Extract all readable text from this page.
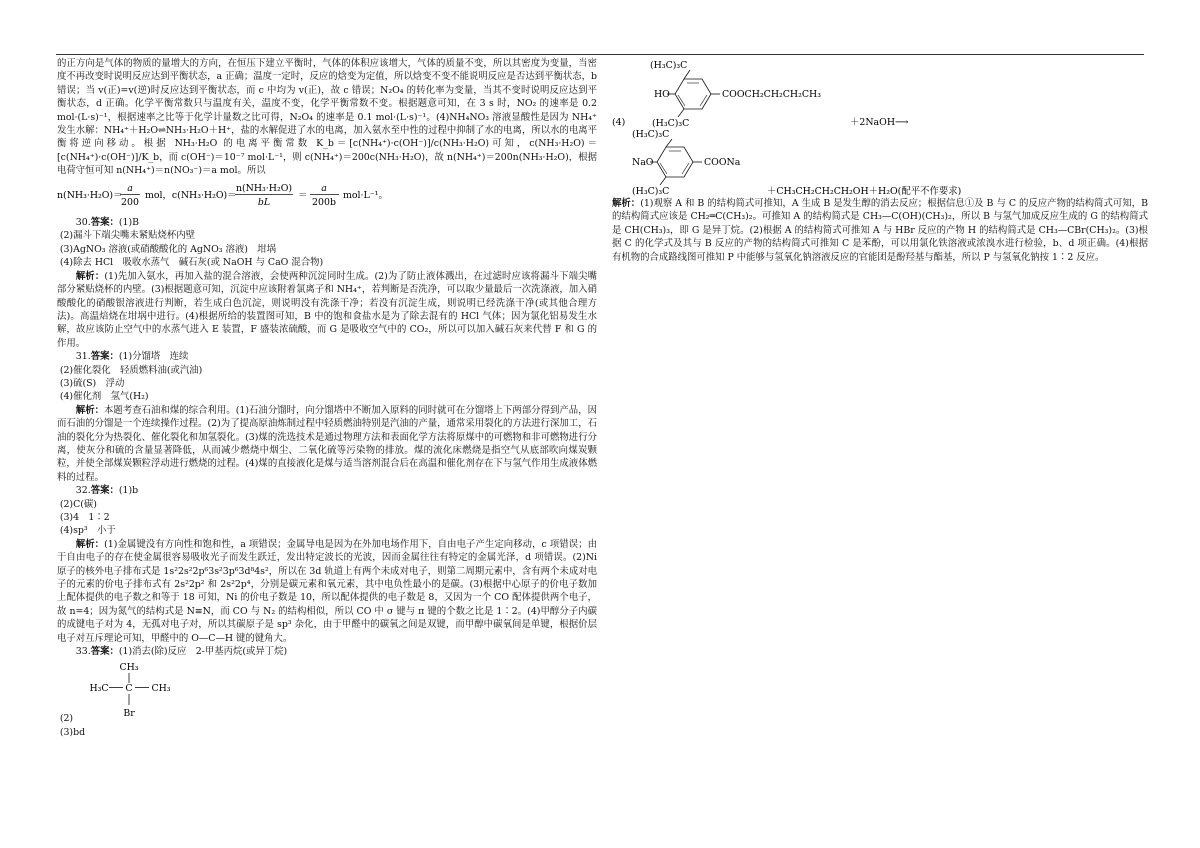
的正方向是气体的物质的量增大的方向，在恒压下建立平衡时，气体的体积应该增大，气体的质量不变，所以其密度为变量，当密度不再改变时说明反应达到平衡状态，a 正确；温度一定时，反应的焓变为定值，所以焓变不变不能说明反应是否达到平衡状态，b 错误；当 v(正)=v(逆)时反应达到平衡状态，而 c 中均为 v(正)，故 c 错误；N₂O₄ 的转化率为变量，当其不变时说明反应达到平衡状态，d 正确。化学平衡常数只与温度有关，温度不变，化学平衡常数不变。根据题意可知，在 3 s 时，NO₂ 的速率是 0.2 mol·(L·s)⁻¹，根据速率之比等于化学计量数之比可得，N₂O₄ 的速率是 0.1 mol·(L·s)⁻¹。(4)NH₄NO₃ 溶液显酸性是因为 NH₄⁺ 发生水解：NH₄⁺＋H₂O⇌NH₃·H₂O＋H⁺，盐的水解促进了水的电离，加入氨水至中性的过程中抑制了水的电离，所以水的电离平衡将逆向移动。根据 NH₃·H₂O 的电离平衡常数 K_b＝[c(NH₄⁺)·c(OH⁻)]/c(NH₃·H₂O)可知，c(NH₃·H₂O)＝[c(NH₄⁺)·c(OH⁻)]/K_b，而 c(OH⁻)＝10⁻⁷ mol·L⁻¹，则 c(NH₄⁺)＝200c(NH₃·H₂O)，故 n(NH₄⁺)＝200n(NH₃·H₂O)，根据电荷守恒可知 n(NH₄⁺)＝n(NO₃⁻)＝a mol。所以

n(NH₃·H₂O)＝
a
200
mol，c(NH₃·H₂O)＝
n(NH₃·H₂O)
bL
＝
a
200b
mol·L⁻¹。

30.答案：(1)B

(2)漏斗下端尖嘴未紧贴烧杯内壁

(3)AgNO₃ 溶液(或硝酸酸化的 AgNO₃ 溶液)　坩埚

(4)除去 HCl　吸收水蒸气　碱石灰(或 NaOH 与 CaO 混合物)

解析：(1)先加入氨水，再加入盐的混合溶液，会使两种沉淀同时生成。(2)为了防止液体溅出，在过滤时应该将漏斗下端尖嘴部分紧贴烧杯的内壁。(3)根据题意可知，沉淀中应该附着氯离子和 NH₄⁺，若判断是否洗净，可以取少量最后一次洗涤液，加入硝酸酸化的硝酸银溶液进行判断，若生成白色沉淀，则说明没有洗涤干净；若没有沉淀生成，则说明已经洗涤干净(或其他合理方法)。高温焙烧在坩埚中进行。(4)根据所给的装置图可知，B 中的饱和食盐水是为了除去混有的 HCl 气体；因为氯化铝易发生水解，故应该防止空气中的水蒸气进入 E 装置，F 盛装浓硫酸，而 G 是吸收空气中的 CO₂，所以可以加入碱石灰来代替 F 和 G 的作用。

31.答案：(1)分馏塔　连续

(2)催化裂化　轻质燃料油(或汽油)

(3)硫(S)　浮动

(4)催化剂　氢气(H₂)

解析：本题考查石油和煤的综合利用。(1)石油分馏时，向分馏塔中不断加入原料的同时就可在分馏塔上下两部分得到产品，因而石油的分馏是一个连续操作过程。(2)为了提高原油炼制过程中轻质燃油特别是汽油的产量，通常采用裂化的方法进行深加工，石油的裂化分为热裂化、催化裂化和加氢裂化。(3)煤的洗选技术是通过物理方法和表面化学方法将原煤中的可燃物和非可燃物进行分离，使灰分和硫的含量显著降低，从而减少燃烧中烟尘、二氧化硫等污染物的排放。煤的流化床燃烧是指空气从底部吹向煤炭颗粒，并使全部煤炭颗粒浮动进行燃烧的过程。(4)煤的直接液化是煤与适当溶剂混合后在高温和催化剂存在下与氢气作用生成液体燃料的过程。

32.答案：(1)b

(2)C(碳)

(3)4　1∶2

(4)sp³　小于

解析：(1)金属键没有方向性和饱和性，a 项错误；金属导电是因为在外加电场作用下，自由电子产生定向移动，c 项错误；由于自由电子的存在使金属很容易吸收光子而发生跃迁，发出特定波长的光波，因而金属往往有特定的金属光泽，d 项错误。(2)Ni 原子的核外电子排布式是 1s²2s²2p⁶3s²3p⁶3d⁸4s²，所以在 3d 轨道上有两个未成对电子，则第二周期元素中，含有两个未成对电子的元素的价电子排布式有 2s²2p² 和 2s²2p⁴，分别是碳元素和氧元素，其中电负性最小的是碳。(3)根据中心原子的价电子数加上配体提供的电子数之和等于 18 可知，Ni 的价电子数是 10，所以配体提供的电子数是 8，又因为一个 CO 配体提供两个电子，故 n=4；因为氮气的结构式是 N≡N，而 CO 与 N₂ 的结构相似，所以 CO 中 σ 键与 π 键的个数之比是 1∶2。(4)甲醇分子内碳的成键电子对为 4，无孤对电子对，所以其碳原子是 sp³ 杂化，由于甲醛中的碳氧之间是双键，而甲醇中碳氧间是单键，根据价层电子对互斥理论可知，甲醛中的 O—C—H 键的键角大。

33.答案：(1)消去(除)反应　2-甲基丙烷(或异丁烷)

CH₃
H₃C C CH₃
Br

(2)

(3)bd

(H₃C)₃C
HO	COOCH₂CH₂CH₂CH₃
(H₃C)₃C
(4)	＋2NaOH⟶
(H₃C)₃C
NaO	COONa
(H₃C)₃C	＋CH₃CH₂CH₂CH₂OH＋H₂O(配平不作要求)

解析：(1)观察 A 和 B 的结构简式可推知，A 生成 B 是发生醇的消去反应；根据信息①及 B 与 C 的反应产物的结构简式可知，B 的结构简式应该是 CH₂═C(CH₃)₂。可推知 A 的结构简式是 CH₃—C(OH)(CH₃)₂，所以 B 与氢气加成反应生成的 G 的结构简式是 CH(CH₃)₃，即 G 是异丁烷。(2)根据 A 的结构简式可推知 A 与 HBr 反应的产物 H 的结构简式是 CH₃—CBr(CH₃)₂。(3)根据 C 的化学式及其与 B 反应的产物的结构简式可推知 C 是苯酚，可以用氯化铁溶液或浓溴水进行检验，b、d 项正确。(4)根据有机物的合成路线图可推知 P 中能够与氢氧化钠溶液反应的官能团是酚羟基与酯基，所以 P 与氢氧化钠按 1∶2 反应。
